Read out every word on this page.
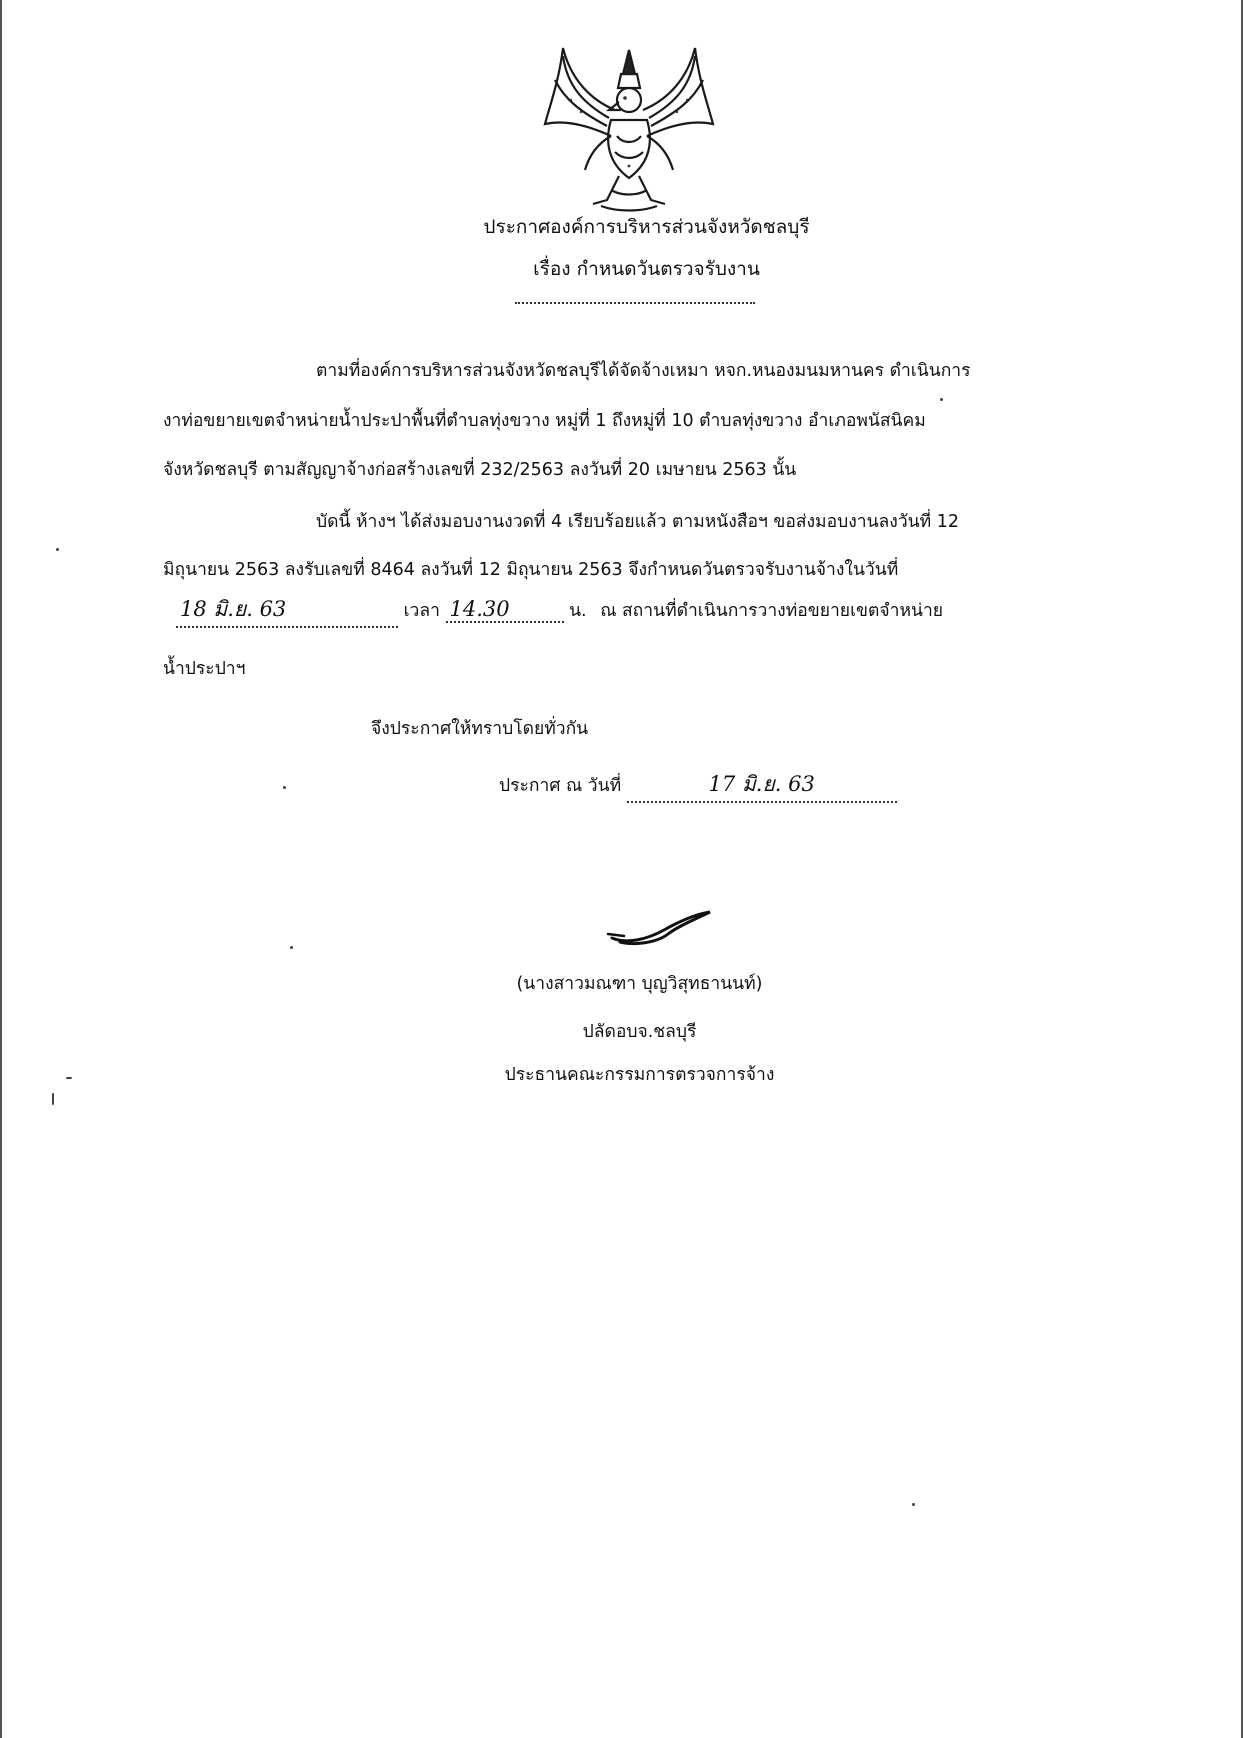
ประกาศองค์การบริหารส่วนจังหวัดชลบุรี
เรื่อง กำหนดวันตรวจรับงาน
ตามที่องค์การบริหารส่วนจังหวัดชลบุรีได้จัดจ้างเหมา หจก.หนองมนมหานคร ดำเนินการ
งาท่อขยายเขตจำหน่ายน้ำประปาพื้นที่ตำบลทุ่งขวาง หมู่ที่ 1 ถึงหมู่ที่ 10 ตำบลทุ่งขวาง อำเภอพนัสนิคม
จังหวัดชลบุรี ตามสัญญาจ้างก่อสร้างเลขที่ 232/2563 ลงวันที่ 20 เมษายน 2563 นั้น
บัดนี้ ห้างฯ ได้ส่งมอบงานงวดที่ 4 เรียบร้อยแล้ว ตามหนังสือฯ ขอส่งมอบงานลงวันที่ 12
มิถุนายน 2563 ลงรับเลขที่ 8464 ลงวันที่ 12 มิถุนายน 2563 จึงกำหนดวันตรวจรับงานจ้างในวันที่
18 มิ.ย. 63	เวลา 14.30	น. ณ สถานที่ดำเนินการวางท่อขยายเขตจำหน่าย
น้ำประปาฯ
จึงประกาศให้ทราบโดยทั่วกัน
ประกาศ ณ วันที่	17 มิ.ย. 63
(นางสาวมณฑา บุญวิสุทธานนท์)
ปลัดอบจ.ชลบุรี
ประธานคณะกรรมการตรวจการจ้าง
